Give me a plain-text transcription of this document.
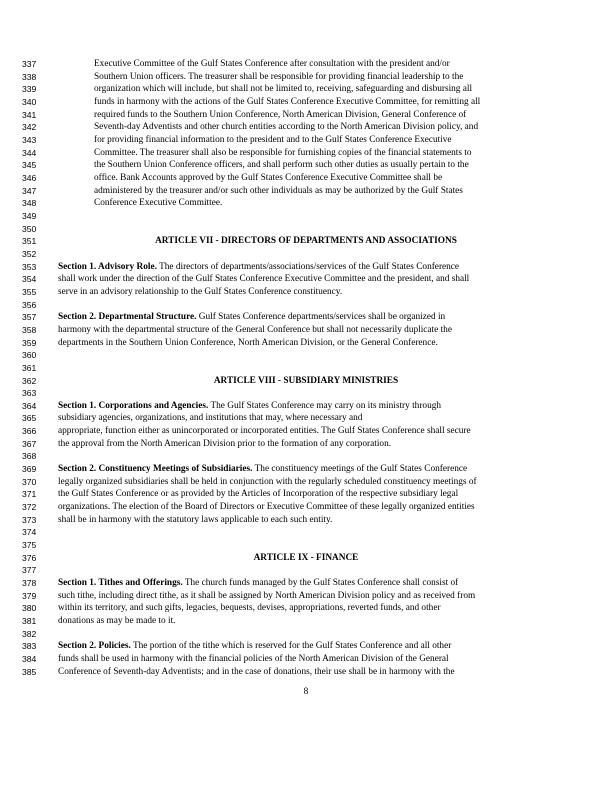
337	Executive Committee of the Gulf States Conference after consultation with the president and/or
338	Southern Union officers. The treasurer shall be responsible for providing financial leadership to the
339	organization which will include, but shall not be limited to, receiving, safeguarding and disbursing all
340	funds in harmony with the actions of the Gulf States Conference Executive Committee, for remitting all
341	required funds to the Southern Union Conference, North American Division, General Conference of
342	Seventh-day Adventists and other church entities according to the North American Division policy, and
343	for providing financial information to the president and to the Gulf States Conference Executive
344	Committee. The treasurer shall also be responsible for furnishing copies of the financial statements to
345	the Southern Union Conference officers, and shall perform such other duties as usually pertain to the
346	office. Bank Accounts approved by the Gulf States Conference Executive Committee shall be
347	administered by the treasurer and/or such other individuals as may be authorized by the Gulf States
348	Conference Executive Committee.
349
350
351	ARTICLE VII - DIRECTORS OF DEPARTMENTS AND ASSOCIATIONS
352
353	Section 1. Advisory Role. The directors of departments/associations/services of the Gulf States Conference
354	shall work under the direction of the Gulf States Conference Executive Committee and the president, and shall
355	serve in an advisory relationship to the Gulf States Conference constituency.
356
357	Section 2. Departmental Structure. Gulf States Conference departments/services shall be organized in
358	harmony with the departmental structure of the General Conference but shall not necessarily duplicate the
359	departments in the Southern Union Conference, North American Division, or the General Conference.
360
361
362	ARTICLE VIII - SUBSIDIARY MINISTRIES
363
364	Section 1. Corporations and Agencies. The Gulf States Conference may carry on its ministry through
365	subsidiary agencies, organizations, and institutions that may, where necessary and
366	appropriate, function either as unincorporated or incorporated entities. The Gulf States Conference shall secure
367	the approval from the North American Division prior to the formation of any corporation.
368
369	Section 2. Constituency Meetings of Subsidiaries. The constituency meetings of the Gulf States Conference
370	legally organized subsidiaries shall be held in conjunction with the regularly scheduled constituency meetings of
371	the Gulf States Conference or as provided by the Articles of Incorporation of the respective subsidiary legal
372	organizations. The election of the Board of Directors or Executive Committee of these legally organized entities
373	shall be in harmony with the statutory laws applicable to each such entity.
374
375
376	ARTICLE IX - FINANCE
377
378	Section 1. Tithes and Offerings. The church funds managed by the Gulf States Conference shall consist of
379	such tithe, including direct tithe, as it shall be assigned by North American Division policy and as received from
380	within its territory, and such gifts, legacies, bequests, devises, appropriations, reverted funds, and other
381	donations as may be made to it.
382
383	Section 2. Policies. The portion of the tithe which is reserved for the Gulf States Conference and all other
384	funds shall be used in harmony with the financial policies of the North American Division of the General
385	Conference of Seventh-day Adventists; and in the case of donations, their use shall be in harmony with the
8
